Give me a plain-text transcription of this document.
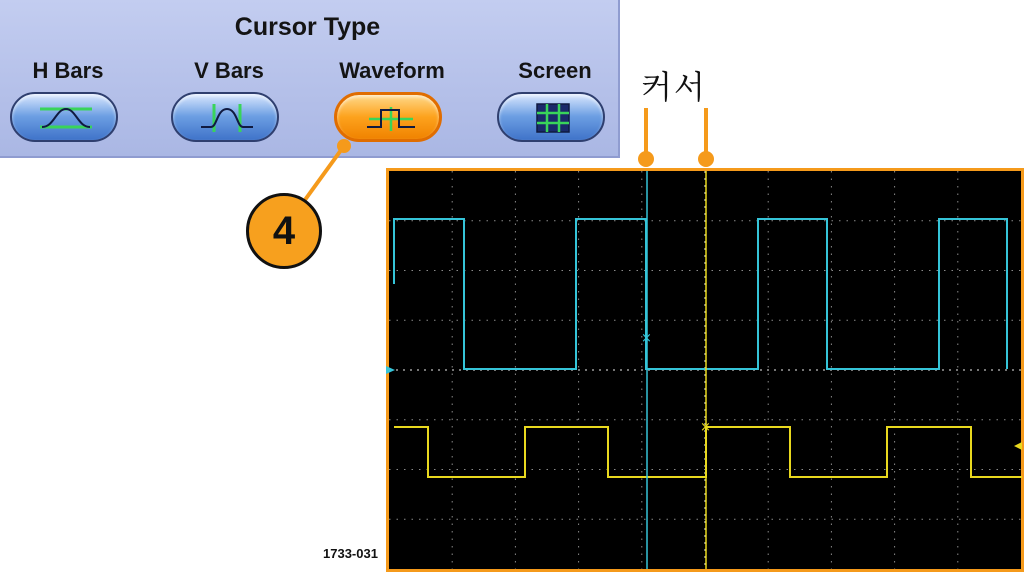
Cursor Type
H Bars	V Bars	Waveform	Screen	커서
×
×
4
1733-031
